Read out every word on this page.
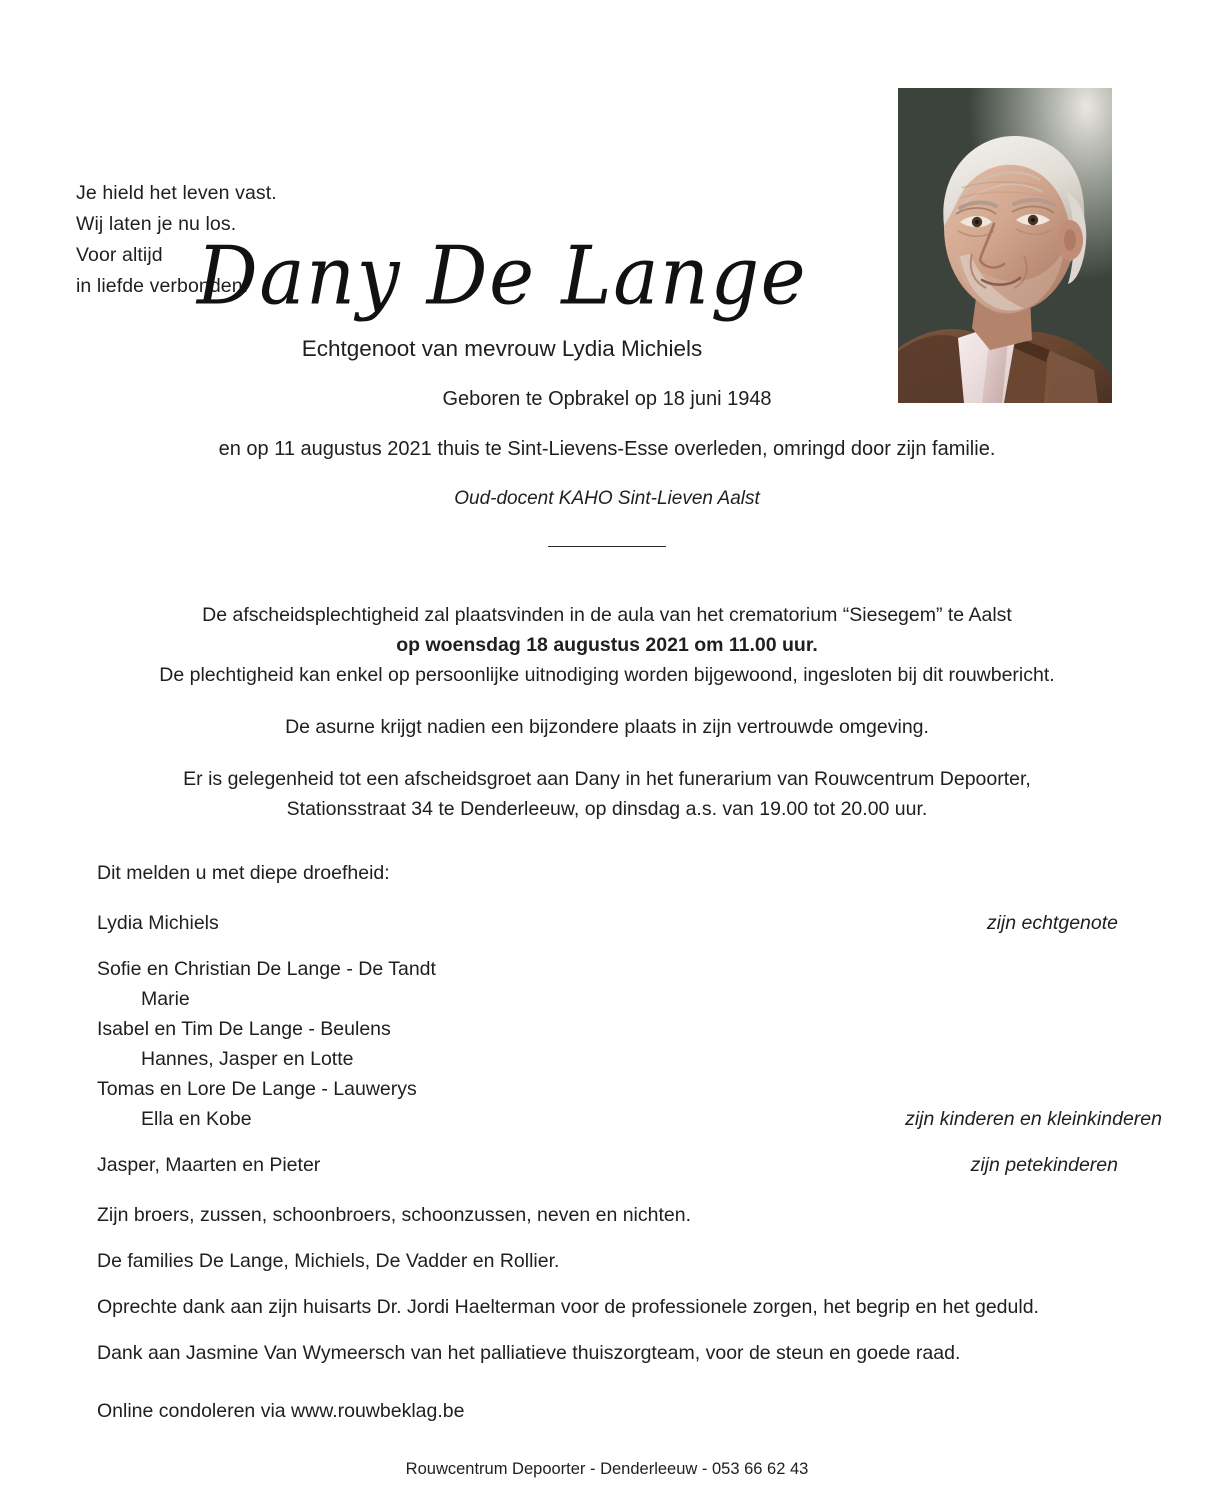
Je hield het leven vast.
Wij laten je nu los.
Voor altijd
in liefde verbonden.
Dany De Lange
Echtgenoot van mevrouw Lydia Michiels
Geboren te Opbrakel op 18 juni 1948
en op 11 augustus 2021 thuis te Sint-Lievens-Esse overleden, omringd door zijn familie.
Oud-docent KAHO Sint-Lieven Aalst
De afscheidsplechtigheid zal plaatsvinden in de aula van het crematorium “Siesegem” te Aalst
op woensdag 18 augustus 2021 om 11.00 uur.
De plechtigheid kan enkel op persoonlijke uitnodiging worden bijgewoond, ingesloten bij dit rouwbericht.
De asurne krijgt nadien een bijzondere plaats in zijn vertrouwde omgeving.
Er is gelegenheid tot een afscheidsgroet aan Dany in het funerarium van Rouwcentrum Depoorter,
Stationsstraat 34 te Denderleeuw, op dinsdag a.s. van 19.00 tot 20.00 uur.
Dit melden u met diepe droefheid:
Lydia Michiels	zijn echtgenote
Sofie en Christian De Lange - De Tandt
Marie
Isabel en Tim De Lange - Beulens
Hannes, Jasper en Lotte
Tomas en Lore De Lange - Lauwerys
Ella en Kobe	zijn kinderen en kleinkinderen
Jasper, Maarten en Pieter	zijn petekinderen
Zijn broers, zussen, schoonbroers, schoonzussen, neven en nichten.
De families De Lange, Michiels, De Vadder en Rollier.
Oprechte dank aan zijn huisarts Dr. Jordi Haelterman voor de professionele zorgen, het begrip en het geduld.
Dank aan Jasmine Van Wymeersch van het palliatieve thuiszorgteam, voor de steun en goede raad.
Online condoleren via www.rouwbeklag.be
Rouwcentrum Depoorter - Denderleeuw - 053 66 62 43
